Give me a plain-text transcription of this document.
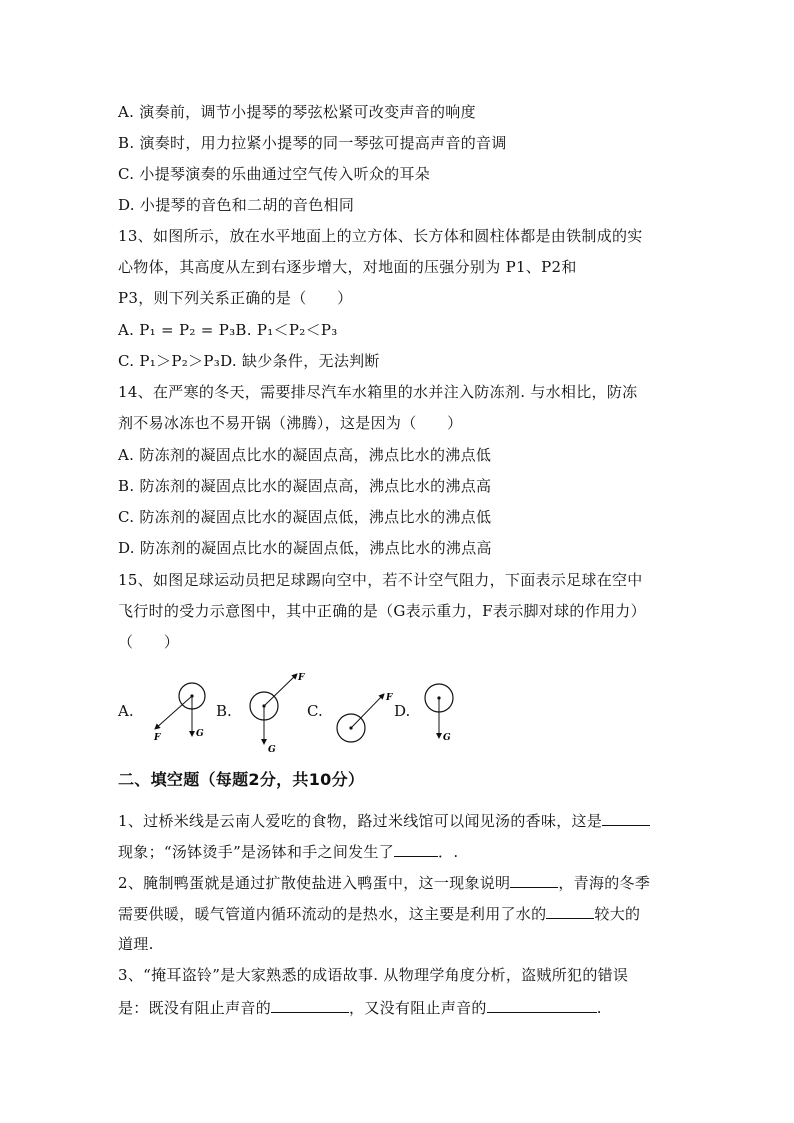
A. 演奏前，调节小提琴的琴弦松紧可改变声音的响度
B. 演奏时，用力拉紧小提琴的同一琴弦可提高声音的音调
C. 小提琴演奏的乐曲通过空气传入听众的耳朵
D. 小提琴的音色和二胡的音色相同
13、如图所示，放在水平地面上的立方体、长方体和圆柱体都是由铁制成的实
心物体，其高度从左到右逐步增大，对地面的压强分别为 P1、P2和
P3，则下列关系正确的是（　　）
A. P₁ = P₂ = P₃B. P₁＜P₂＜P₃
C. P₁＞P₂＞P₃D. 缺少条件，无法判断
14、在严寒的冬天，需要排尽汽车水箱里的水并注入防冻剂. 与水相比，防冻
剂不易冰冻也不易开锅（沸腾），这是因为（　　）
A. 防冻剂的凝固点比水的凝固点高，沸点比水的沸点低
B. 防冻剂的凝固点比水的凝固点高，沸点比水的沸点高
C. 防冻剂的凝固点比水的凝固点低，沸点比水的沸点低
D. 防冻剂的凝固点比水的凝固点低，沸点比水的沸点高
15、如图足球运动员把足球踢向空中，若不计空气阻力，下面表示足球在空中
飞行时的受力示意图中，其中正确的是（G表示重力，F表示脚对球的作用力）
（　　）
A.
F	G
B.
F
G
C.
F
D.
G
二、填空题（每题2分，共10分）
1、过桥米线是云南人爱吃的食物，路过米线馆可以闻见汤的香味，这是
现象；“汤钵烫手”是汤钵和手之间发生了	．.
2、腌制鸭蛋就是通过扩散使盐进入鸭蛋中，这一现象说明	，青海的冬季
需要供暖，暖气管道内循环流动的是热水，这主要是利用了水的	较大的
道理.
3、“掩耳盗铃”是大家熟悉的成语故事. 从物理学角度分析，盗贼所犯的错误
是：既没有阻止声音的	，又没有阻止声音的	.
